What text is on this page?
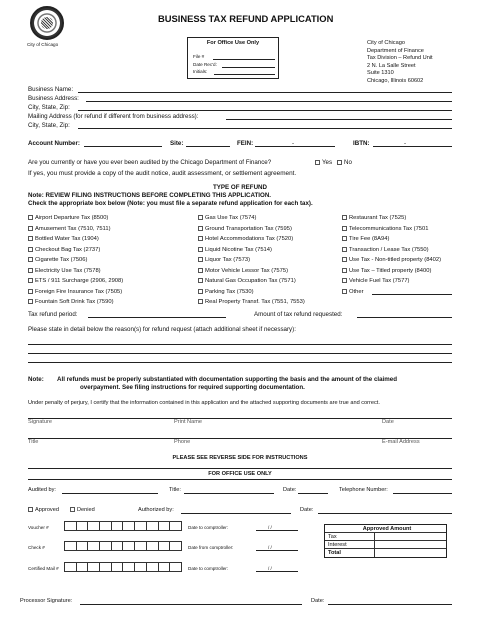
City of Chicago
BUSINESS TAX REFUND APPLICATION
For Office Use Only
File #
Date Rec'd:
Initials:
City of Chicago
Department of Finance
Tax Division – Refund Unit
2 N. La Salle Street
Suite 1310
Chicago, Illinois 60602
Business Name:
Business Address:
City, State, Zip:
Mailing Address (for refund if different from business address):
City, State, Zip:
Account Number:	Site:	FEIN:	-	IBTN:	-
Are you currently or have you ever been audited by the Chicago Department of Finance?	Yes	No
If yes, you must provide a copy of the audit notice, audit assessment, or settlement agreement.
TYPE OF REFUND
Note: REVIEW FILING INSTRUCTIONS BEFORE COMPLETING THIS APPLICATION.
Check the appropriate box below (Note: you must file a separate refund application for each tax).
Airport Departure Tax (8500)
Amusement Tax (7510, 7511)
Bottled Water Tax (1904)
Checkout Bag Tax (2737)
Cigarette Tax (7506)
Electricity Use Tax (7578)
ETS / 911 Surcharge (2906, 2908)
Foreign Fire Insurance Tax (7505)
Fountain Soft Drink Tax (7590)
Gas Use Tax (7574)
Ground Transportation Tax (7595)
Hotel Accommodations Tax (7520)
Liquid Nicotine Tax (7514)
Liquor Tax (7573)
Motor Vehicle Lessor Tax (7575)
Natural Gas Occupation Tax (7571)
Parking Tax (7530)
Real Property Transf. Tax (7551, 7553)
Restaurant Tax (7525)
Telecommunications Tax (7501
Tire Fee (8A94)
Transaction / Lease Tax (7550)
Use Tax - Non-titled property (8402)
Use Tax – Titled property (8400)
Vehicle Fuel Tax (7577)
Other
Tax refund period:	Amount of tax refund requested:
Please state in detail below the reason(s) for refund request (attach additional sheet if necessary):
Note: All refunds must be properly substantiated with documentation supporting the basis and the amount of the claimed
overpayment. See filing instructions for required supporting documentation.
Under penalty of perjury, I certify that the information contained in this application and the attached supporting documents are true and correct.
Signature	Print Name	Date
Title	Phone	E-mail Address
PLEASE SEE REVERSE SIDE FOR INSTRUCTIONS
FOR OFFICE USE ONLY
Audited by:	Title:	Date:	Telephone Number:
Approved	Denied	Authorized by:	Date:
Voucher #
										Date to comptroller:	/ /
Check #
										Date from comptroller:	/ /
Certified Mail #
										Date to comptroller:	/ /
Approved Amount
Tax
Interest
Total
Processor Signature:	Date:
